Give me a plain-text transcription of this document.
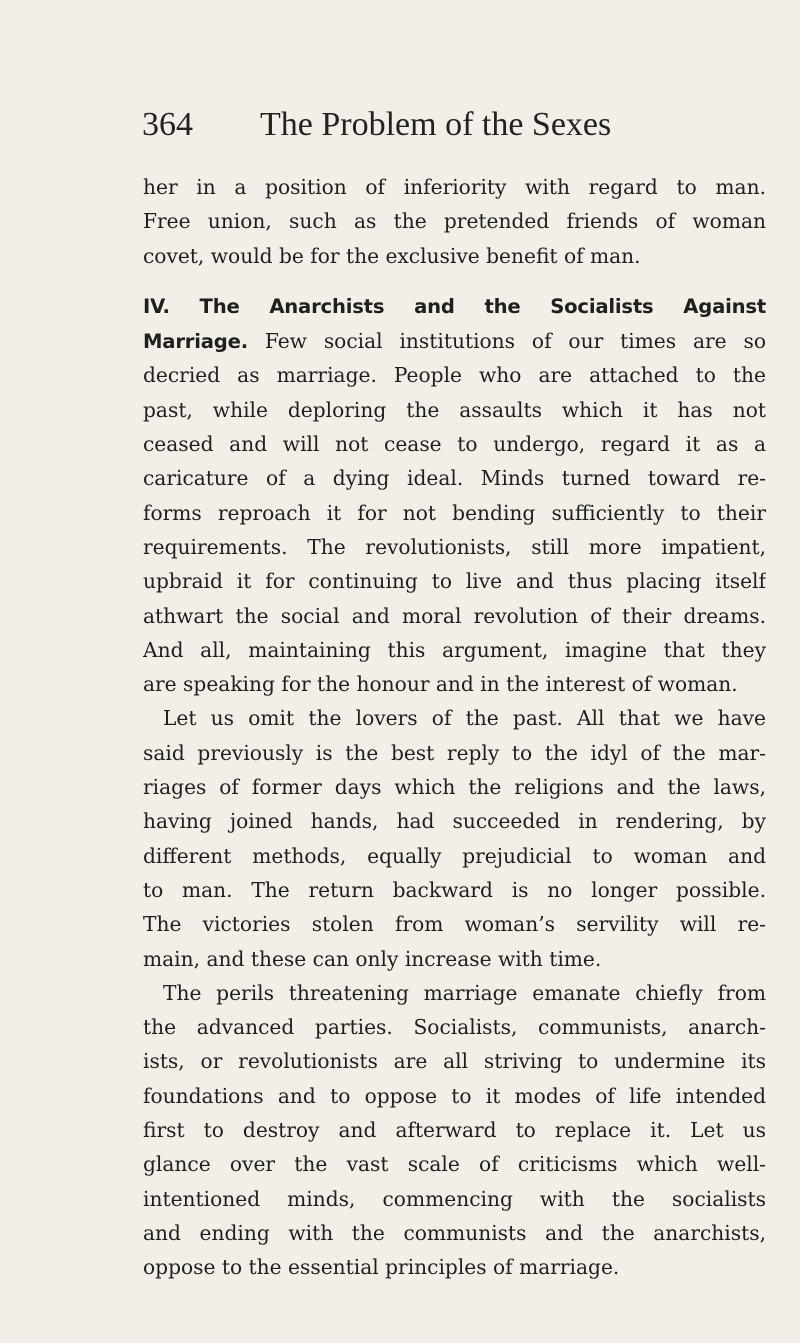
364	The Problem of the Sexes
her in a position of inferiority with regard to man.
Free union, such as the pretended friends of woman
covet, would be for the exclusive benefit of man.
IV. The Anarchists and the Socialists Against
Marriage. Few social institutions of our times are so
decried as marriage. People who are attached to the
past, while deploring the assaults which it has not
ceased and will not cease to undergo, regard it as a
caricature of a dying ideal. Minds turned toward re-
forms reproach it for not bending sufficiently to their
requirements. The revolutionists, still more impatient,
upbraid it for continuing to live and thus placing itself
athwart the social and moral revolution of their dreams.
And all, maintaining this argument, imagine that they
are speaking for the honour and in the interest of woman.
Let us omit the lovers of the past. All that we have
said previously is the best reply to the idyl of the mar-
riages of former days which the religions and the laws,
having joined hands, had succeeded in rendering, by
different methods, equally prejudicial to woman and
to man. The return backward is no longer possible.
The victories stolen from woman’s servility will re-
main, and these can only increase with time.
The perils threatening marriage emanate chiefly from
the advanced parties. Socialists, communists, anarch-
ists, or revolutionists are all striving to undermine its
foundations and to oppose to it modes of life intended
first to destroy and afterward to replace it. Let us
glance over the vast scale of criticisms which well-
intentioned minds, commencing with the socialists
and ending with the communists and the anarchists,
oppose to the essential principles of marriage.
